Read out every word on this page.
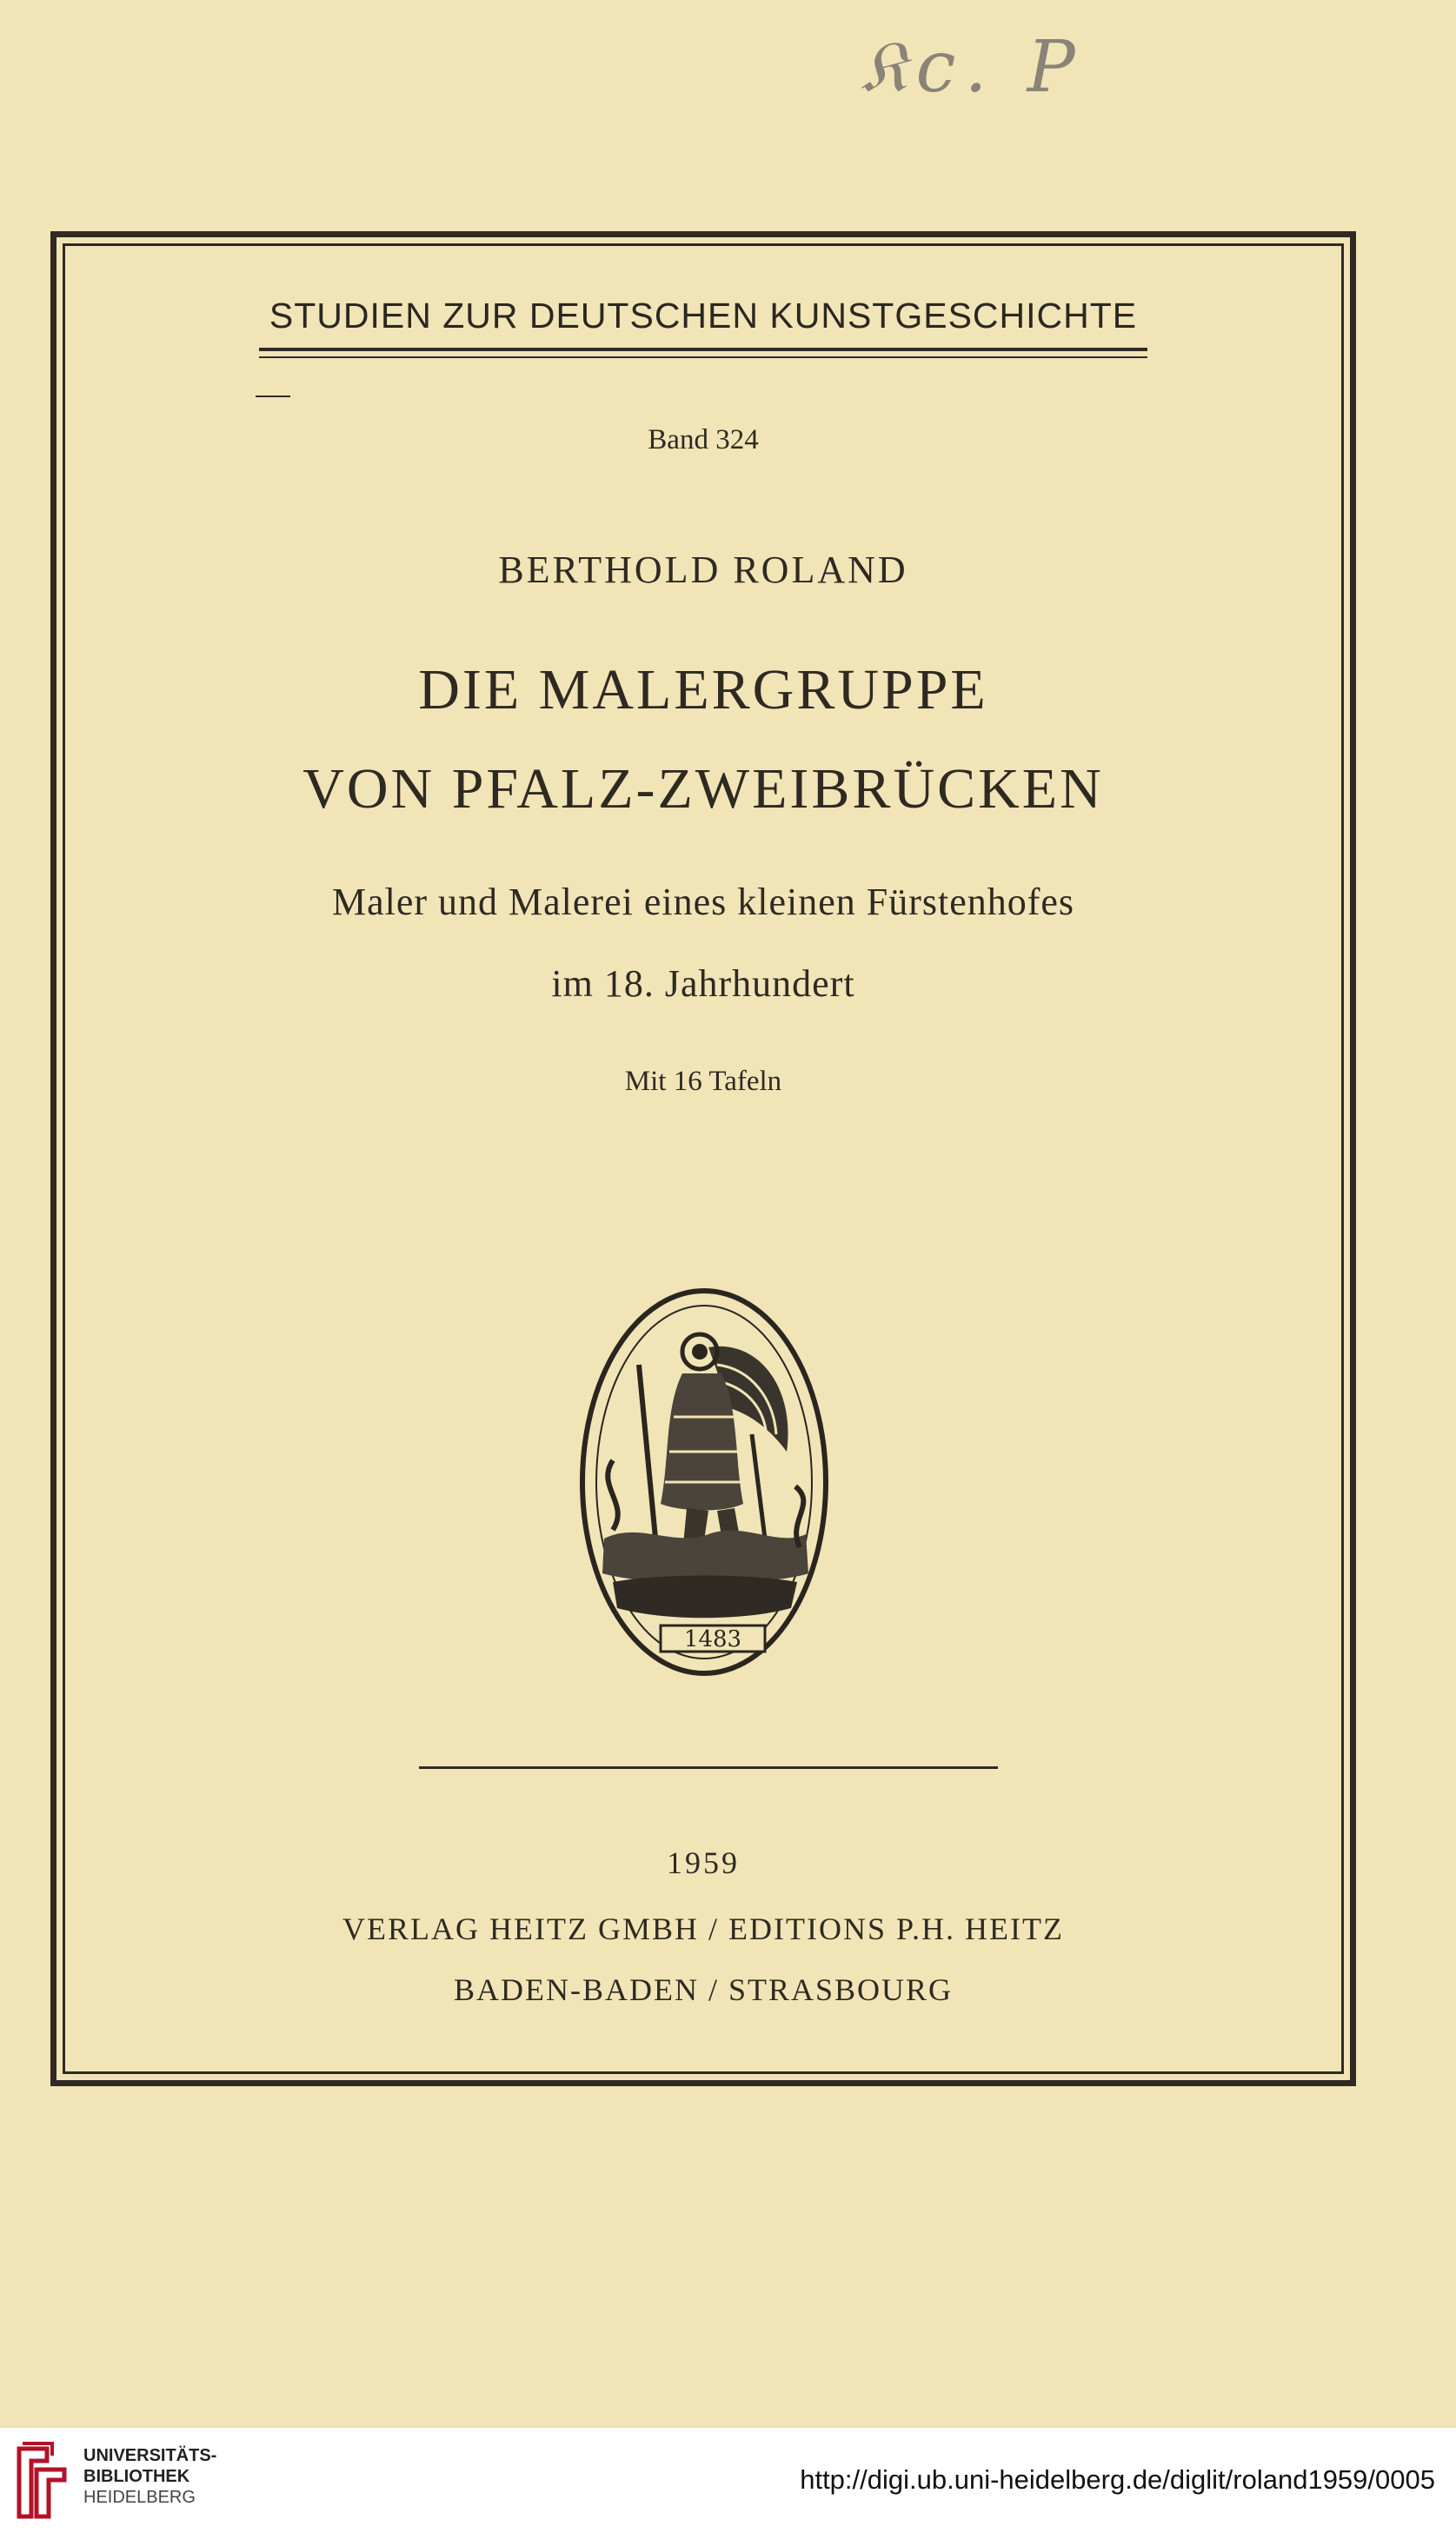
𝔎c. P
STUDIEN ZUR DEUTSCHEN KUNSTGESCHICHTE
Band 324
BERTHOLD ROLAND
DIE MALERGRUPPE
VON PFALZ-ZWEIBRÜCKEN
Maler und Malerei eines kleinen Fürstenhofes
im 18. Jahrhundert
Mit 16 Tafeln
1483
1959
VERLAG HEITZ GMBH / EDITIONS P.H. HEITZ
BADEN-BADEN / STRASBOURG
UNIVERSITÄTS-
BIBLIOTHEK
HEIDELBERG
http://digi.ub.uni-heidelberg.de/diglit/roland1959/0005
